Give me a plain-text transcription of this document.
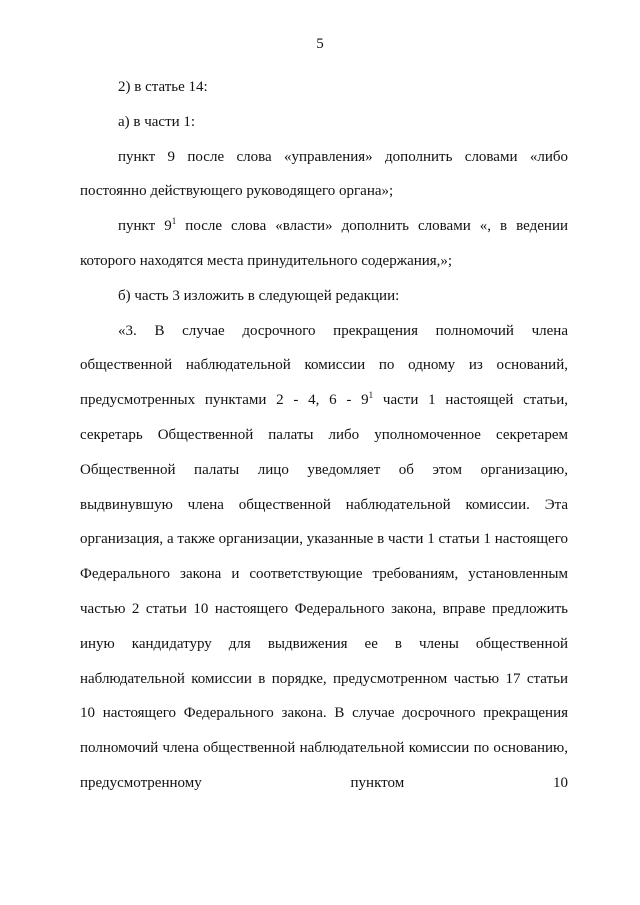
5

2) в статье 14:

а) в части 1:

пункт 9 после слова «управления» дополнить словами «либо постоянно действующего руководящего органа»;

пункт $9^1$ после слова «власти» дополнить словами «, в ведении которого находятся места принудительного содержания,»;

б) часть 3 изложить в следующей редакции:

«3. В случае досрочного прекращения полномочий члена общественной наблюдательной комиссии по одному из оснований, предусмотренных пунктами 2 - 4, $6 - 9^1$ части 1 настоящей статьи, секретарь Общественной палаты либо уполномоченное секретарем Общественной палаты лицо уведомляет об этом организацию, выдвинувшую члена общественной наблюдательной комиссии. Эта организация, а также организации, указанные в части 1 статьи 1 настоящего Федерального закона и соответствующие требованиям, установленным частью 2 статьи 10 настоящего Федерального закона, вправе предложить иную кандидатуру для выдвижения ее в члены общественной наблюдательной комиссии в порядке, предусмотренном частью 17 статьи 10 настоящего Федерального закона. В случае досрочного прекращения полномочий члена общественной наблюдательной комиссии по основанию, предусмотренному пунктом 10
